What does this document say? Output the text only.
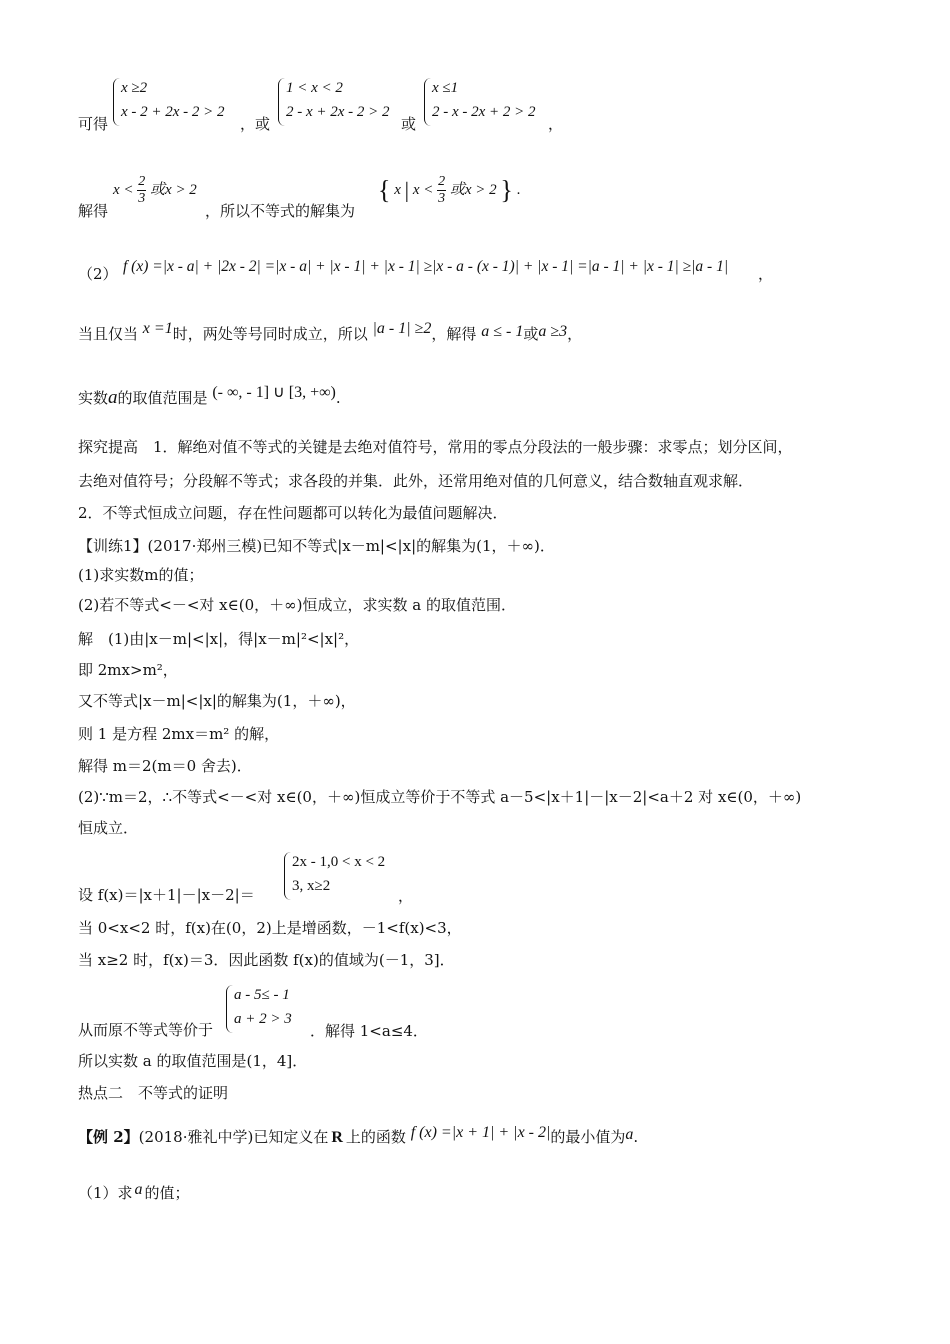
可得
x ≥2
x - 2 + 2x - 2 > 2
，或
1 < x < 2
2 - x + 2x - 2 > 2
或
x ≤1
2 - x - 2x + 2 > 2
，
解得
$x < \frac{2}{3}$ 或x > 2
，所以不等式的解集为
{ x | $x < \frac{2}{3}$ 或x > 2 } .
（2） f (x) =|x - a| + |2x - 2| =|x - a| + |x - 1| + |x - 1| ≥|x - a - (x - 1)| + |x - 1| =|a - 1| + |x - 1| ≥|a - 1| ，
当且仅当 x =1时，两处等号同时成立，所以 |a - 1| ≥2，解得 a ≤ - 1或a ≥3，
实数a的取值范围是 (- ∞, - 1] ∪ [3, +∞).
探究提高　1．解绝对值不等式的关键是去绝对值符号，常用的零点分段法的一般步骤：求零点；划分区间，
去绝对值符号；分段解不等式；求各段的并集．此外，还常用绝对值的几何意义，结合数轴直观求解．
2．不等式恒成立问题，存在性问题都可以转化为最值问题解决．
【训练1】(2017·郑州三模)已知不等式|x－m|<|x|的解集为(1，＋∞)．
(1)求实数m的值；
(2)若不等式<－<对 x∈(0，＋∞)恒成立，求实数 a 的取值范围．
解　(1)由|x－m|<|x|，得|x－m|²<|x|²，
即 2mx>m²，
又不等式|x－m|<|x|的解集为(1，＋∞)，
则 1 是方程 2mx＝m² 的解，
解得 m＝2(m＝0 舍去)．
(2)∵m＝2，∴不等式<－<对 x∈(0，＋∞)恒成立等价于不等式 a－5<|x＋1|－|x－2|<a＋2 对 x∈(0，＋∞)
恒成立．
设 f(x)＝|x＋1|－|x－2|＝
2x - 1,0 < x < 2
3, x≥2
，
当 0<x<2 时，f(x)在(0，2)上是增函数，－1<f(x)<3，
当 x≥2 时，f(x)＝3．因此函数 f(x)的值域为(－1，3]．
从而原不等式等价于
a - 5≤ - 1
a + 2 > 3
．解得 1<a≤4．
所以实数 a 的取值范围是(1，4]．
热点二　不等式的证明
【例 2】(2018·雅礼中学)已知定义在 R 上的函数 f (x) =|x + 1| + |x - 2|的最小值为a.
（1）求 a 的值；
